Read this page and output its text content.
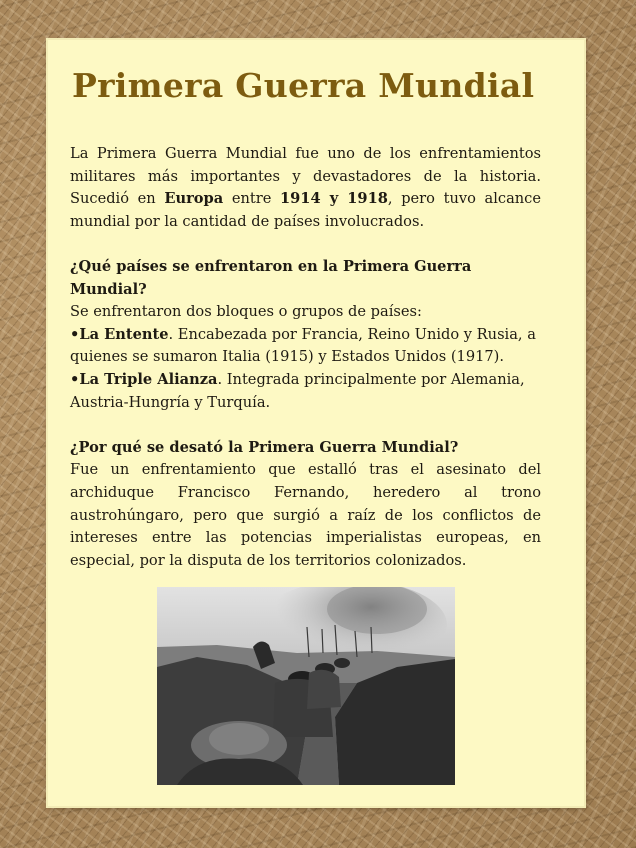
Primera Guerra Mundial

La Primera Guerra Mundial fue uno de los enfrentamientos militares más importantes y devastadores de la historia. Sucedió en Europa entre 1914 y 1918, pero tuvo alcance mundial por la cantidad de países involucrados.

¿Qué países se enfrentaron en la Primera Guerra Mundial?

Se enfrentaron dos bloques o grupos de países:

•La Entente. Encabezada por Francia, Reino Unido y Rusia, a quienes se sumaron Italia (1915) y Estados Unidos (1917).

•La Triple Alianza. Integrada principalmente por Alemania, Austria-Hungría y Turquía.

¿Por qué se desató la Primera Guerra Mundial?

Fue un enfrentamiento que estalló tras el asesinato del archiduque Francisco Fernando, heredero al trono austrohúngaro, pero que surgió a raíz de los conflictos de intereses entre las potencias imperialistas europeas, en especial, por la disputa de los territorios colonizados.
